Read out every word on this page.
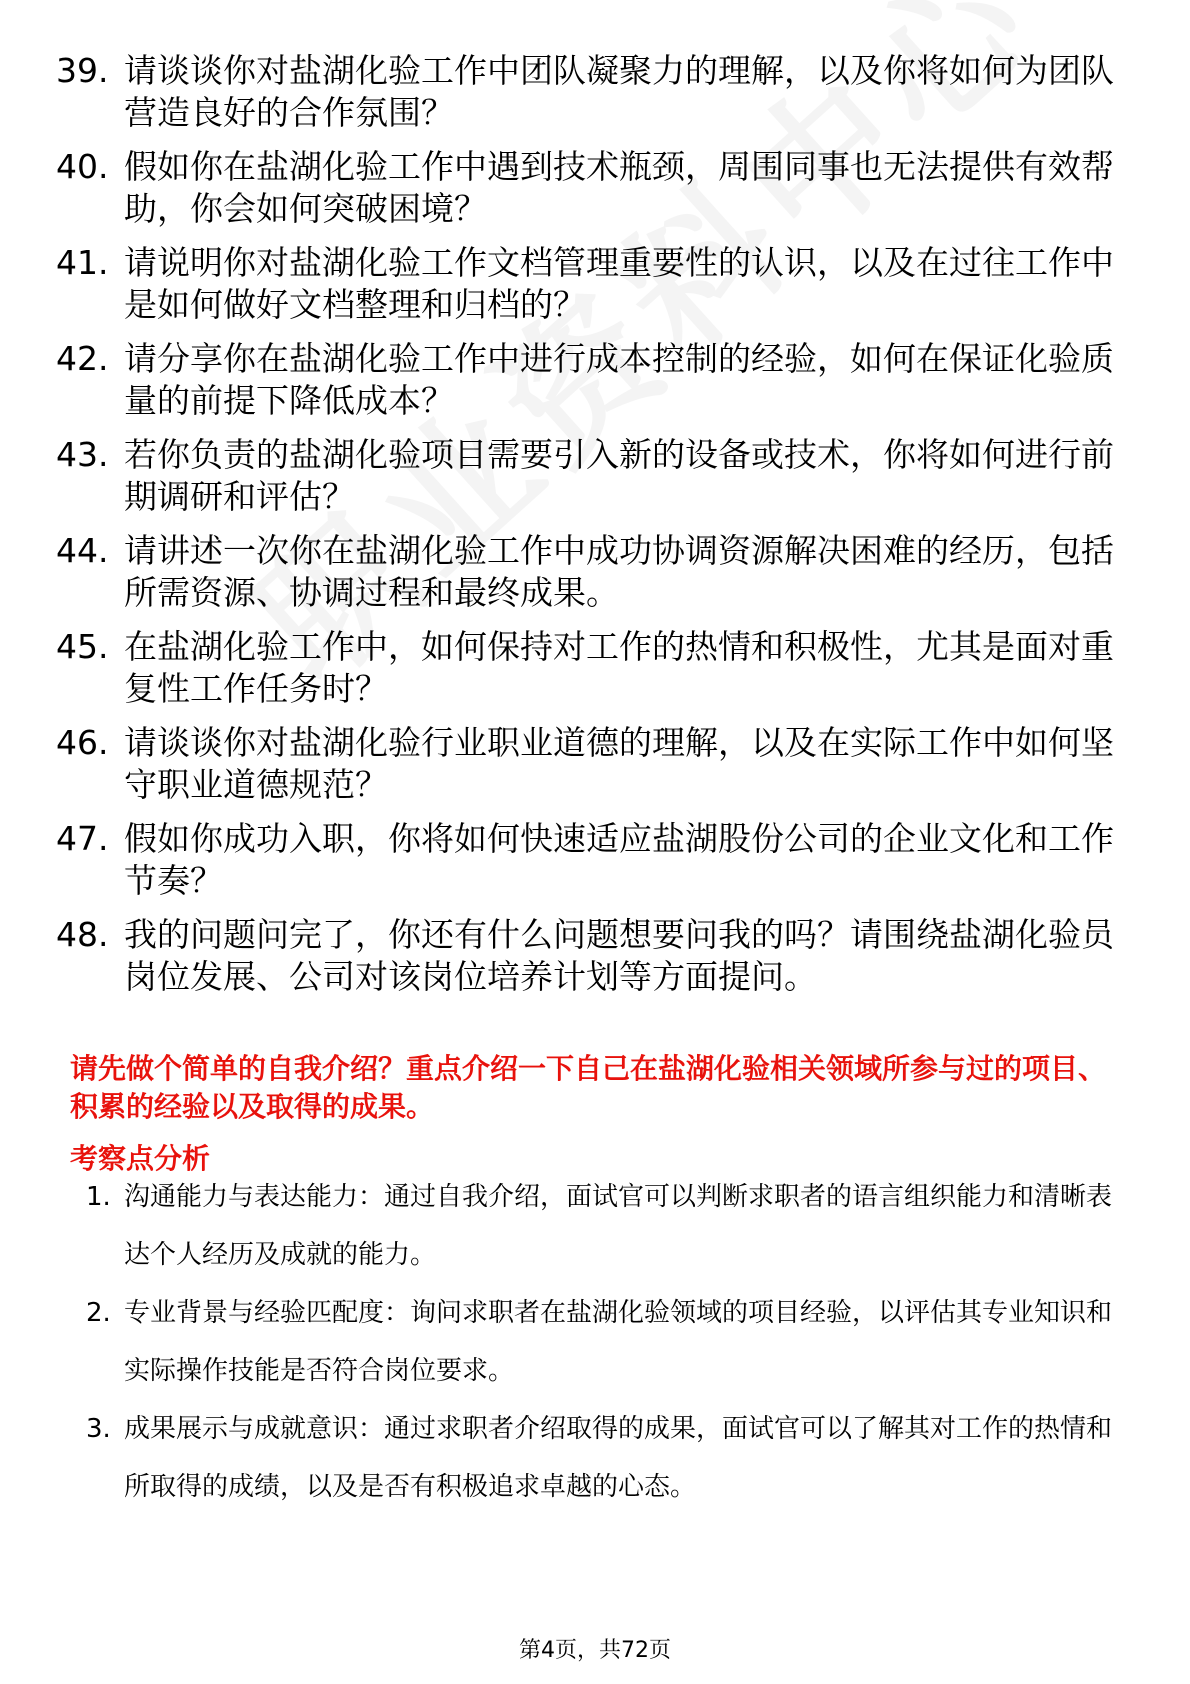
39. 请谈谈你对盐湖化验工作中团队凝聚力的理解，以及你将如何为团队营造良好的合作氛围？
40. 假如你在盐湖化验工作中遇到技术瓶颈，周围同事也无法提供有效帮助，你会如何突破困境？
41. 请说明你对盐湖化验工作文档管理重要性的认识，以及在过往工作中是如何做好文档整理和归档的？
42. 请分享你在盐湖化验工作中进行成本控制的经验，如何在保证化验质量的前提下降低成本？
43. 若你负责的盐湖化验项目需要引入新的设备或技术，你将如何进行前期调研和评估？
44. 请讲述一次你在盐湖化验工作中成功协调资源解决困难的经历，包括所需资源、协调过程和最终成果。
45. 在盐湖化验工作中，如何保持对工作的热情和积极性，尤其是面对重复性工作任务时？
46. 请谈谈你对盐湖化验行业职业道德的理解，以及在实际工作中如何坚守职业道德规范？
47. 假如你成功入职，你将如何快速适应盐湖股份公司的企业文化和工作节奏？
48. 我的问题问完了，你还有什么问题想要问我的吗？请围绕盐湖化验员岗位发展、公司对该岗位培养计划等方面提问。
请先做个简单的自我介绍？重点介绍一下自己在盐湖化验相关领域所参与过的项目、积累的经验以及取得的成果。
考察点分析
1. 沟通能力与表达能力：通过自我介绍，面试官可以判断求职者的语言组织能力和清晰表达个人经历及成就的能力。
2. 专业背景与经验匹配度：询问求职者在盐湖化验领域的项目经验，以评估其专业知识和实际操作技能是否符合岗位要求。
3. 成果展示与成就意识：通过求职者介绍取得的成果，面试官可以了解其对工作的热情和所取得的成绩，以及是否有积极追求卓越的心态。
第4页，共72页
